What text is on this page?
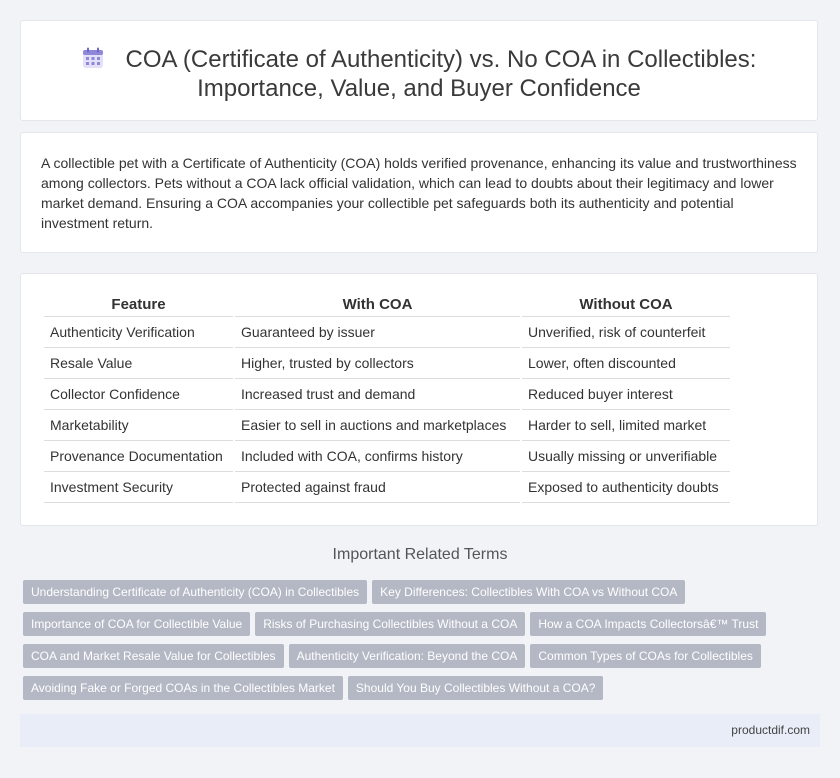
COA (Certificate of Authenticity) vs. No COA in Collectibles: Importance, Value, and Buyer Confidence

A collectible pet with a Certificate of Authenticity (COA) holds verified provenance, enhancing its value and trustworthiness among collectors. Pets without a COA lack official validation, which can lead to doubts about their legitimacy and lower market demand. Ensuring a COA accompanies your collectible pet safeguards both its authenticity and potential investment return.

Feature	With COA	Without COA
Authenticity Verification	Guaranteed by issuer	Unverified, risk of counterfeit
Resale Value	Higher, trusted by collectors	Lower, often discounted
Collector Confidence	Increased trust and demand	Reduced buyer interest
Marketability	Easier to sell in auctions and marketplaces	Harder to sell, limited market
Provenance Documentation	Included with COA, confirms history	Usually missing or unverifiable
Investment Security	Protected against fraud	Exposed to authenticity doubts
Important Related Terms
Understanding Certificate of Authenticity (COA) in Collectibles Key Differences: Collectibles With COA vs Without COA
Importance of COA for Collectible Value Risks of Purchasing Collectibles Without a COA How a COA Impacts Collectorsâ€™ Trust
COA and Market Resale Value for Collectibles Authenticity Verification: Beyond the COA Common Types of COAs for Collectibles
Avoiding Fake or Forged COAs in the Collectibles Market Should You Buy Collectibles Without a COA?
productdif.com
